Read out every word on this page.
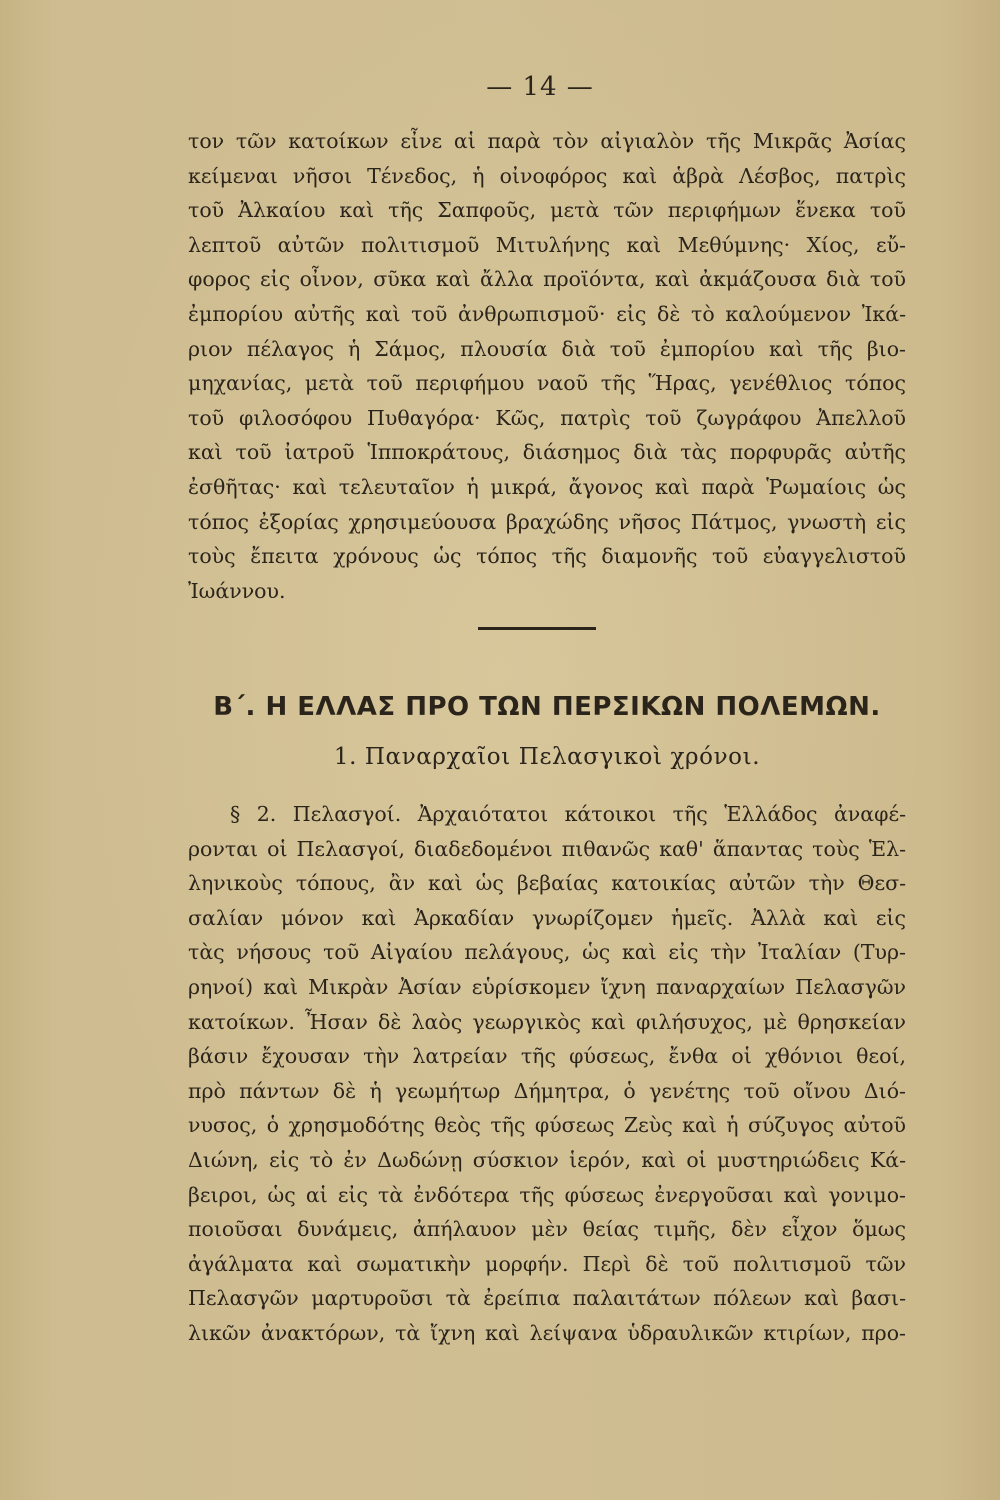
— 14 —
τον τῶν κατοίκων εἶνε αἱ παρὰ τὸν αἰγιαλὸν τῆς Μικρᾶς Ἀσίας
κείμεναι νῆσοι Τένεδος, ἡ οἰνοφόρος καὶ ἁβρὰ Λέσβος, πατρὶς
τοῦ Ἀλκαίου καὶ τῆς Σαπφοῦς, μετὰ τῶν περιφήμων ἕνεκα τοῦ
λεπτοῦ αὐτῶν πολιτισμοῦ Μιτυλήνης καὶ Μεθύμνης· Χίος, εὔ-
φορος εἰς οἶνον, σῦκα καὶ ἄλλα προϊόντα, καὶ ἀκμάζουσα διὰ τοῦ
ἐμπορίου αὐτῆς καὶ τοῦ ἀνθρωπισμοῦ· εἰς δὲ τὸ καλούμενον Ἰκά-
ριον πέλαγος ἡ Σάμος, πλουσία διὰ τοῦ ἐμπορίου καὶ τῆς βιο-
μηχανίας, μετὰ τοῦ περιφήμου ναοῦ τῆς Ἥρας, γενέθλιος τόπος
τοῦ φιλοσόφου Πυθαγόρα· Κῶς, πατρὶς τοῦ ζωγράφου Ἀπελλοῦ
καὶ τοῦ ἰατροῦ Ἱπποκράτους, διάσημος διὰ τὰς πορφυρᾶς αὐτῆς
ἐσθῆτας· καὶ τελευταῖον ἡ μικρά, ἄγονος καὶ παρὰ Ῥωμαίοις ὡς
τόπος ἐξορίας χρησιμεύουσα βραχώδης νῆσος Πάτμος, γνωστὴ εἰς
τοὺς ἔπειτα χρόνους ὡς τόπος τῆς διαμονῆς τοῦ εὐαγγελιστοῦ
Ἰωάννου.
Β΄. Η ΕΛΛΑΣ ΠΡΟ ΤΩΝ ΠΕΡΣΙΚΩΝ ΠΟΛΕΜΩΝ.
1. Παναρχαῖοι Πελασγικοὶ χρόνοι.
§ 2. Πελασγοί. Ἀρχαιότατοι κάτοικοι τῆς Ἑλλάδος ἀναφέ-
ρονται οἱ Πελασγοί, διαδεδομένοι πιθανῶς καθ' ἅπαντας τοὺς Ἑλ-
ληνικοὺς τόπους, ἂν καὶ ὡς βεβαίας κατοικίας αὐτῶν τὴν Θεσ-
σαλίαν μόνον καὶ Ἀρκαδίαν γνωρίζομεν ἡμεῖς. Ἀλλὰ καὶ εἰς
τὰς νήσους τοῦ Αἰγαίου πελάγους, ὡς καὶ εἰς τὴν Ἰταλίαν (Τυρ-
ρηνοί) καὶ Μικρὰν Ἀσίαν εὑρίσκομεν ἴχνη παναρχαίων Πελασγῶν
κατοίκων. Ἦσαν δὲ λαὸς γεωργικὸς καὶ φιλήσυχος, μὲ θρησκείαν
βάσιν ἔχουσαν τὴν λατρείαν τῆς φύσεως, ἔνθα οἱ χθόνιοι θεοί,
πρὸ πάντων δὲ ἡ γεωμήτωρ Δήμητρα, ὁ γενέτης τοῦ οἴνου Διό-
νυσος, ὁ χρησμοδότης θεὸς τῆς φύσεως Ζεὺς καὶ ἡ σύζυγος αὐτοῦ
Διώνη, εἰς τὸ ἐν Δωδώνῃ σύσκιον ἱερόν, καὶ οἱ μυστηριώδεις Κά-
βειροι, ὡς αἱ εἰς τὰ ἐνδότερα τῆς φύσεως ἐνεργοῦσαι καὶ γονιμο-
ποιοῦσαι δυνάμεις, ἀπήλαυον μὲν θείας τιμῆς, δὲν εἶχον ὅμως
ἀγάλματα καὶ σωματικὴν μορφήν. Περὶ δὲ τοῦ πολιτισμοῦ τῶν
Πελασγῶν μαρτυροῦσι τὰ ἐρείπια παλαιτάτων πόλεων καὶ βασι-
λικῶν ἀνακτόρων, τὰ ἴχνη καὶ λείψανα ὑδραυλικῶν κτιρίων, προ-
